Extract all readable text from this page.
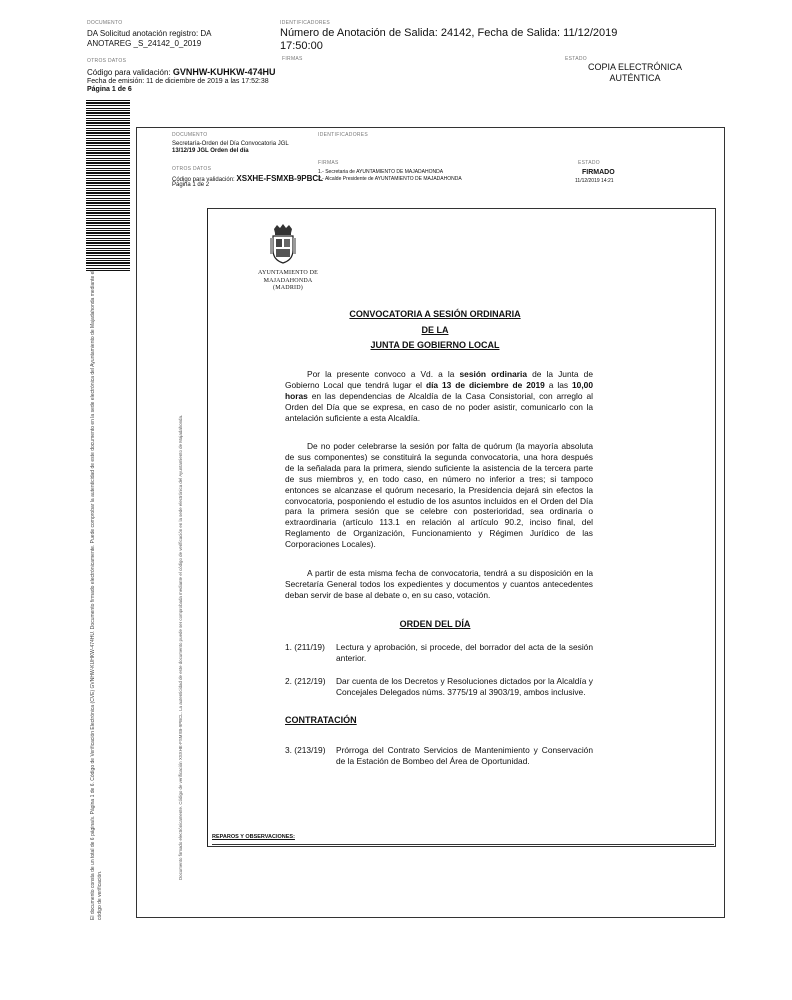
DOCUMENTO
DA Solicitud anotación registro: DA ANOTAREG _S_24142_0_2019
OTROS DATOS
Código para validación: GVNHW-KUHKW-474HU
Fecha de emisión: 11 de diciembre de 2019 a las 17:52:38
Página 1 de 6
IDENTIFICADORES
Número de Anotación de Salida: 24142, Fecha de Salida: 11/12/2019 17:50:00
FIRMAS	ESTADO
COPIA ELECTRÓNICA AUTÉNTICA
El documento consta de un total de 6 página/s. Página 1 de 6. Código de Verificación Electrónica (CVE) GVNHW-KUHKW-474HU. Documento firmado electrónicamente. Puede comprobar la autenticidad de este documento en la sede electrónica del Ayuntamiento de Majadahonda mediante el código de verificación.
DOCUMENTO
Secretaría-Orden del Día Convocatoria JGL
13/12/19 JGL Orden del día
IDENTIFICADORES
OTROS DATOS
Código para validación: XSXHE-FSMXB-9PBCL
Página 1 de 2
FIRMAS
1.- Secretaria de AYUNTAMIENTO DE MAJADAHONDA
2.- Alcalde Presidente de AYUNTAMIENTO DE MAJADAHONDA
ESTADO
FIRMADO
11/12/2019 14:21
Documento firmado electrónicamente. Código de verificación XSXHE-FSMXB-9PBCL. La autenticidad de este documento puede ser comprobada mediante el código de verificación en la sede electrónica del Ayuntamiento de Majadahonda.
AYUNTAMIENTO DE
MAJADAHONDA
(MADRID)
CONVOCATORIA A SESIÓN ORDINARIA
DE LA
JUNTA DE GOBIERNO LOCAL
Por la presente convoco a Vd. a la sesión ordinaria de la Junta de Gobierno Local que tendrá lugar el día 13 de diciembre de 2019 a las 10,00 horas en las dependencias de Alcaldía de la Casa Consistorial, con arreglo al Orden del Día que se expresa, en caso de no poder asistir, comunicarlo con la antelación suficiente a esta Alcaldía.
De no poder celebrarse la sesión por falta de quórum (la mayoría absoluta de sus componentes) se constituirá la segunda convocatoria, una hora después de la señalada para la primera, siendo suficiente la asistencia de la tercera parte de sus miembros y, en todo caso, en número no inferior a tres; si tampoco entonces se alcanzase el quórum necesario, la Presidencia dejará sin efectos la convocatoria, posponiendo el estudio de los asuntos incluidos en el Orden del Día para la primera sesión que se celebre con posterioridad, sea ordinaria o extraordinaria (artículo 113.1 en relación al artículo 90.2, inciso final, del Reglamento de Organización, Funcionamiento y Régimen Jurídico de las Corporaciones Locales).
A partir de esta misma fecha de convocatoria, tendrá a su disposición en la Secretaría General todos los expedientes y documentos y cuantos antecedentes deban servir de base al debate o, en su caso, votación.
ORDEN DEL DÍA
1. (211/19)	Lectura y aprobación, si procede, del borrador del acta de la sesión anterior.
2. (212/19)	Dar cuenta de los Decretos y Resoluciones dictados por la Alcaldía y Concejales Delegados núms. 3775/19 al 3903/19, ambos inclusive.
CONTRATACIÓN
3. (213/19)	Prórroga del Contrato Servicios de Mantenimiento y Conservación de la Estación de Bombeo del Área de Oportunidad.
REPAROS Y OBSERVACIONES:
